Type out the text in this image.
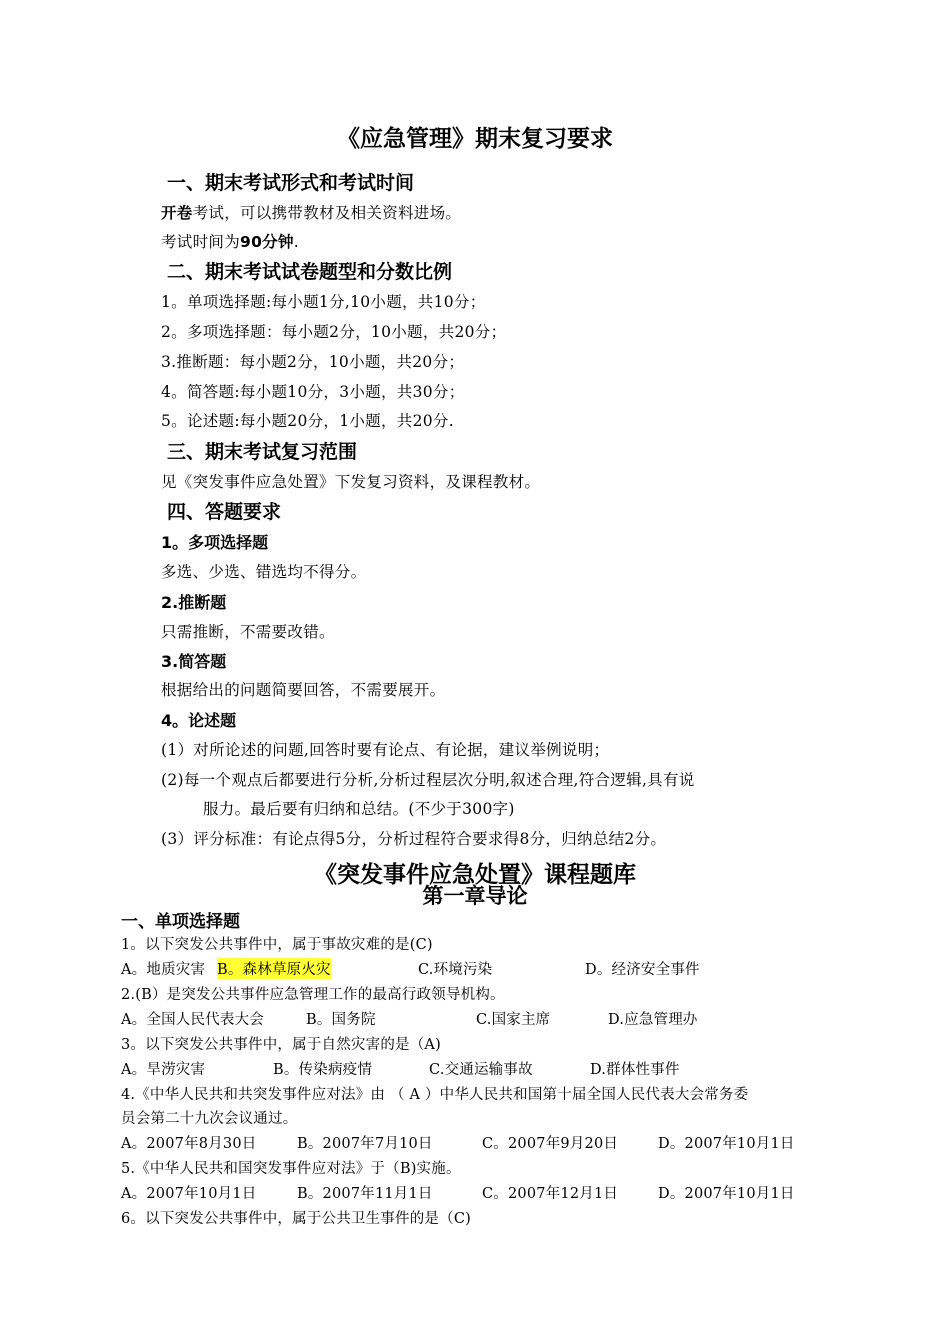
《应急管理》期末复习要求
一、期末考试形式和考试时间
开卷考试，可以携带教材及相关资料进场。
考试时间为90分钟.
二、期末考试试卷题型和分数比例
1。单项选择题:每小题1分,10小题，共10分；
2。多项选择题：每小题2分，10小题，共20分；
3.推断题：每小题2分，10小题，共20分；
4。简答题:每小题10分，3小题，共30分；
5。论述题:每小题20分，1小题，共20分.
三、期末考试复习范围
见《突发事件应急处置》下发复习资料，及课程教材。
四、答题要求
1。多项选择题
多选、少选、错选均不得分。
2.推断题
只需推断，不需要改错。
3.简答题
根据给出的问题简要回答，不需要展开。
4。论述题
(1）对所论述的问题,回答时要有论点、有论据，建议举例说明；
(2)每一个观点后都要进行分析,分析过程层次分明,叙述合理,符合逻辑,具有说
服力。最后要有归纳和总结。(不少于300字)
(3）评分标准：有论点得5分，分析过程符合要求得8分，归纳总结2分。
《突发事件应急处置》课程题库
第一章导论
一、单项选择题
1。以下突发公共事件中，属于事故灾难的是(C)
A。地质灾害 B。森林草原火灾	C.环境污染	D。经济安全事件
2.(B）是突发公共事件应急管理工作的最高行政领导机构。
A。全国人民代表大会	B。国务院	C.国家主席	D.应急管理办
3。以下突发公共事件中，属于自然灾害的是（A)
A。旱涝灾害	B。传染病疫情	C.交通运输事故	D.群体性事件
4.《中华人民共和共突发事件应对法》由 （ A ）中华人民共和国第十届全国人民代表大会常务委
员会第二十九次会议通过。
A。2007年8月30日	B。2007年7月10日	C。2007年9月20日	D。2007年10月1日
5.《中华人民共和国突发事件应对法》于（B)实施。
A。2007年10月1日	B。2007年11月1日	C。2007年12月1日	D。2007年10月1日
6。以下突发公共事件中，属于公共卫生事件的是（C)
